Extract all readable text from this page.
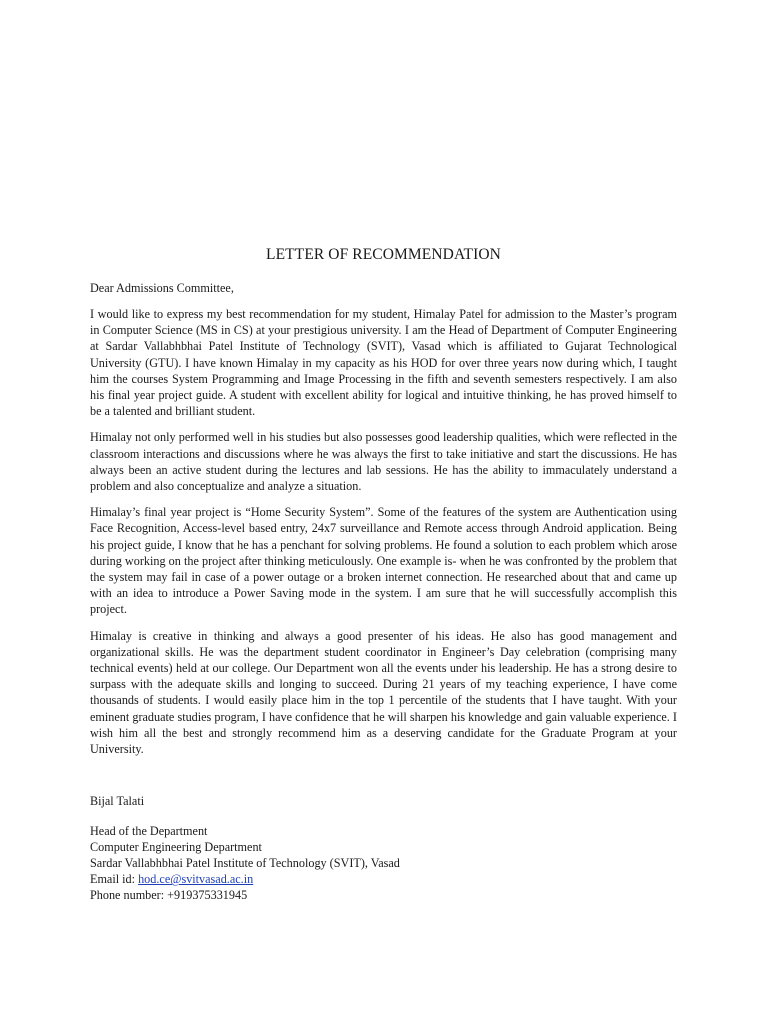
LETTER OF RECOMMENDATION

Dear Admissions Committee,

I would like to express my best recommendation for my student, Himalay Patel for admission to the Master’s program in Computer Science (MS in CS) at your prestigious university. I am the Head of Department of Computer Engineering at Sardar Vallabhbhai Patel Institute of Technology (SVIT), Vasad which is affiliated to Gujarat Technological University (GTU). I have known Himalay in my capacity as his HOD for over three years now during which, I taught him the courses System Programming and Image Processing in the fifth and seventh semesters respectively. I am also his final year project guide. A student with excellent ability for logical and intuitive thinking, he has proved himself to be a talented and brilliant student.

Himalay not only performed well in his studies but also possesses good leadership qualities, which were reflected in the classroom interactions and discussions where he was always the first to take initiative and start the discussions. He has always been an active student during the lectures and lab sessions. He has the ability to immaculately understand a problem and also conceptualize and analyze a situation.

Himalay’s final year project is “Home Security System”. Some of the features of the system are Authentication using Face Recognition, Access-level based entry, 24x7 surveillance and Remote access through Android application. Being his project guide, I know that he has a penchant for solving problems. He found a solution to each problem which arose during working on the project after thinking meticulously. One example is- when he was confronted by the problem that the system may fail in case of a power outage or a broken internet connection. He researched about that and came up with an idea to introduce a Power Saving mode in the system. I am sure that he will successfully accomplish this project.

Himalay is creative in thinking and always a good presenter of his ideas. He also has good management and organizational skills. He was the department student coordinator in Engineer’s Day celebration (comprising many technical events) held at our college. Our Department won all the events under his leadership. He has a strong desire to surpass with the adequate skills and longing to succeed. During 21 years of my teaching experience, I have come thousands of students. I would easily place him in the top 1 percentile of the students that I have taught. With your eminent graduate studies program, I have confidence that he will sharpen his knowledge and gain valuable experience. I wish him all the best and strongly recommend him as a deserving candidate for the Graduate Program at your University.

Bijal Talati

Head of the Department

Computer Engineering Department

Sardar Vallabhbhai Patel Institute of Technology (SVIT), Vasad

Email id: hod.ce@svitvasad.ac.in

Phone number: +919375331945
